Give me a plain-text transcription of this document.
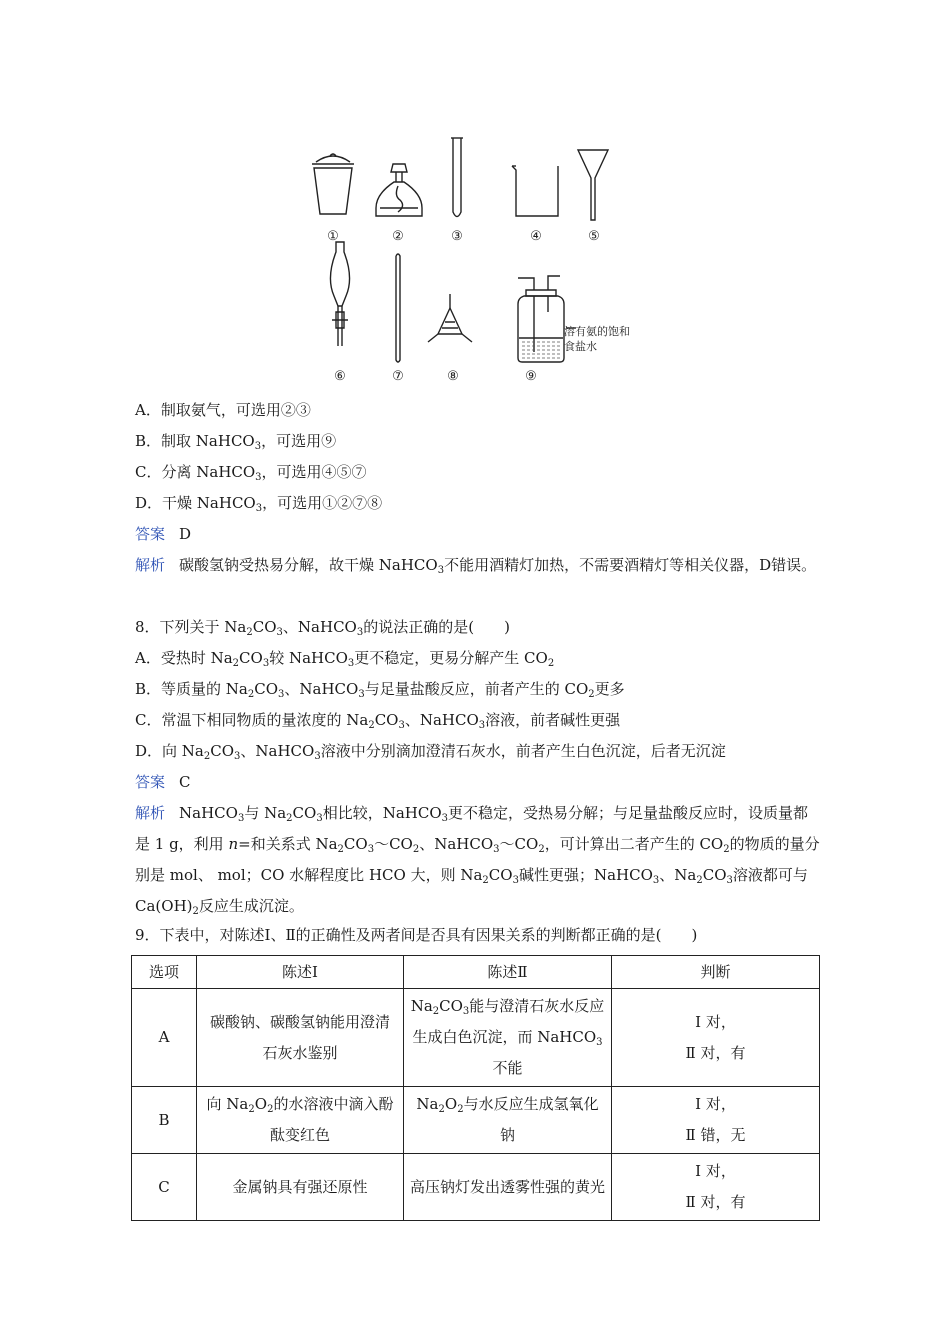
①	②	③	④	⑤
⑥	⑦	⑧	⑨
溶有氨的饱和
食盐水
A．制取氨气，可选用②③
B．制取 NaHCO$_3$，可选用⑨
C．分离 NaHCO$_3$，可选用④⑤⑦
D．干燥 NaHCO$_3$，可选用①②⑦⑧
答案 D
解析 碳酸氢钠受热易分解，故干燥 NaHCO$_3$不能用酒精灯加热，不需要酒精灯等相关仪器，D错误。
8．下列关于 $Na_2CO_3$、NaHCO$_3$的说法正确的是(　　)
A．受热时 $Na_2CO_3$较 NaHCO$_3$更不稳定，更易分解产生 $CO_2$
B．等质量的 $Na_2CO_3$、NaHCO$_3$与足量盐酸反应，前者产生的 $CO_2$更多
C．常温下相同物质的量浓度的 $Na_2CO_3$、NaHCO$_3$溶液，前者碱性更强
D．向 $Na_2CO_3$、NaHCO$_3$溶液中分别滴加澄清石灰水，前者产生白色沉淀，后者无沉淀
答案 C
解析 NaHCO$_3$与 $Na_2CO_3$相比较，NaHCO$_3$更不稳定，受热易分解；与足量盐酸反应时，设质量都是 1 g，利用 n=和关系式 $Na_2CO_3\sim CO_2$、$NaHCO_3\sim CO_2$，可计算出二者产生的 $CO_2$的物质的量分别是 mol、 mol；CO 水解程度比 HCO 大，则 $Na_2CO_3$碱性更强；NaHCO$_3$、$Na_2CO_3$溶液都可与 $Ca(OH)_2$反应生成沉淀。
9．下表中，对陈述Ⅰ、Ⅱ的正确性及两者间是否具有因果关系的判断都正确的是(　　)
选项	陈述Ⅰ	陈述Ⅱ	判断
A	碳酸钠、碳酸氢钠能用澄清石灰水鉴别	$Na_2CO_3$能与澄清石灰水反应生成白色沉淀，而 NaHCO$_3$不能	Ⅰ 对，
Ⅱ 对，有
B	向 $Na_2O_2$的水溶液中滴入酚酞变红色	$Na_2O_2$与水反应生成氢氧化钠	Ⅰ 对，
Ⅱ 错，无
C	金属钠具有强还原性	高压钠灯发出透雾性强的黄光	Ⅰ 对，
Ⅱ 对，有
